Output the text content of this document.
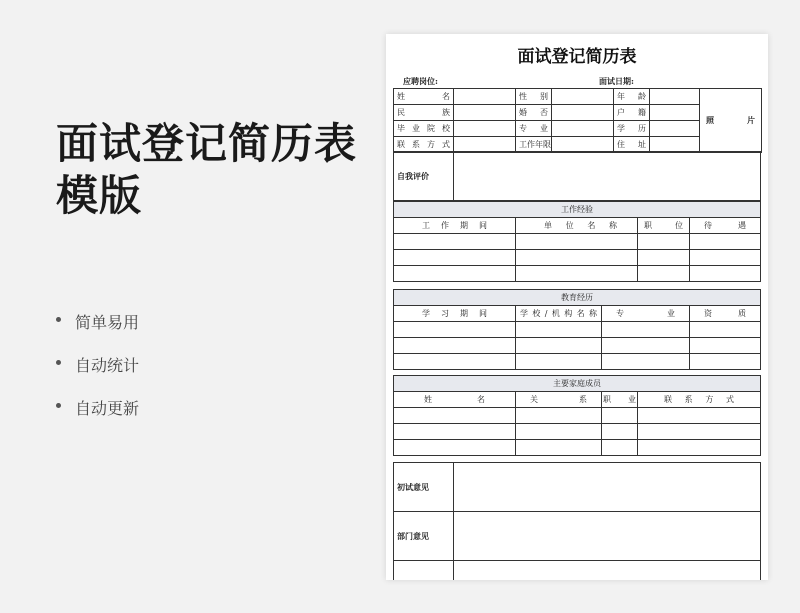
面试登记简历表
模版
简单易用
自动统计
自动更新
面试登记简历表
应聘岗位:	面试日期:
姓　名		性　别		年　龄		照　　片
民　族		婚　否		户　籍		
毕业院校		专　业		学　历		
联系方式		工作年限		住　址		
自我评价	
工作经验			
工　作　期　间	单　位　名　称	职　位	待　遇

教育经历			
学　习　期　间	学校/机构名称	专　业	资　质

主要家庭成员			
姓　名	关　系	职　业	联　系　方　式

初试意见	
部门意见	
